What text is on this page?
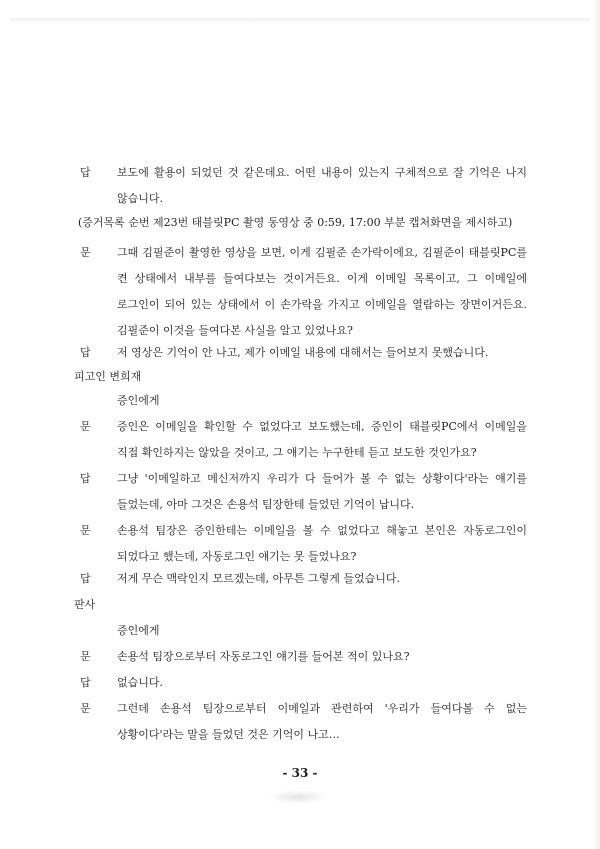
답 보도에 활용이 되었던 것 같은데요. 어떤 내용이 있는지 구체적으로 잘 기억은 나지 않습니다.
(증거목록 순번 제23번 태블릿PC 촬영 동영상 중 0:59, 17:00 부분 캡처화면을 제시하고)
문 그때 김필준이 촬영한 영상을 보면, 이게 김필준 손가락이에요, 김필준이 태블릿PC를 켠 상태에서 내부를 들여다보는 것이거든요. 이게 이메일 목록이고, 그 이메일에 로그인이 되어 있는 상태에서 이 손가락을 가지고 이메일을 열람하는 장면이거든요. 김필준이 이것을 들여다본 사실을 알고 있었나요?
답 저 영상은 기억이 안 나고, 제가 이메일 내용에 대해서는 들어보지 못했습니다.
피고인 변희재
증인에게
문 증인은 이메일을 확인할 수 없었다고 보도했는데, 증인이 태블릿PC에서 이메일을 직접 확인하지는 않았을 것이고, 그 얘기는 누구한테 듣고 보도한 것인가요?
답 그냥 '이메일하고 메신저까지 우리가 다 들어가 볼 수 없는 상황이다'라는 얘기를 들었는데, 아마 그것은 손용석 팀장한테 들었던 기억이 납니다.
문 손용석 팀장은 증인한테는 이메일을 볼 수 없었다고 해놓고 본인은 자동로그인이 되었다고 했는데, 자동로그인 얘기는 못 들었나요?
답 저게 무슨 맥락인지 모르겠는데, 아무튼 그렇게 들었습니다.
판사
증인에게
문 손용석 팀장으로부터 자동로그인 얘기를 들어본 적이 있나요?
답 없습니다.
문 그런데 손용석 팀장으로부터 이메일과 관련하여 '우리가 들여다볼 수 없는 상황이다'라는 말을 들었던 것은 기억이 나고…
- 33 -
